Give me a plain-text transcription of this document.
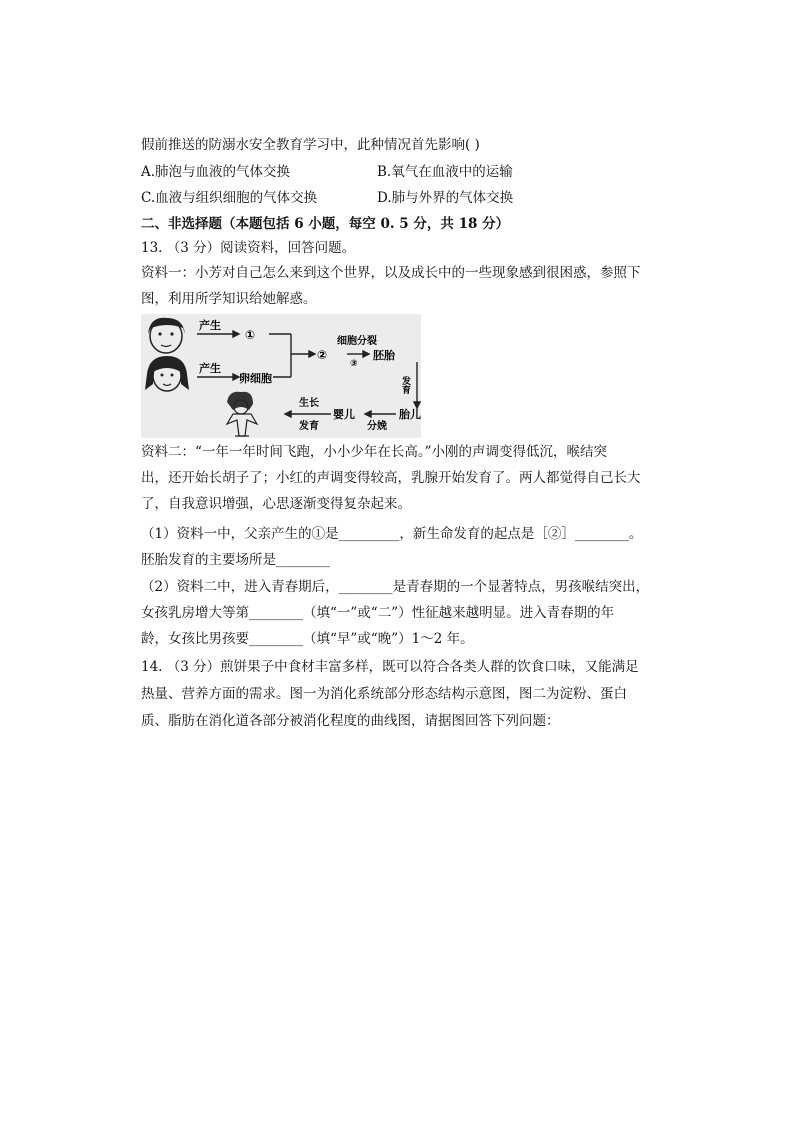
假前推送的防溺水安全教育学习中，此种情况首先影响( )
A.肺泡与血液的气体交换	B.氧气在血液中的运输
C.血液与组织细胞的气体交换	D.肺与外界的气体交换
二、非选择题（本题包括 6 小题，每空 0. 5 分，共 18 分）
13. （3 分）阅读资料，回答问题。
资料一：小芳对自己怎么来到这个世界，以及成长中的一些现象感到很困惑，参照下
图，利用所学知识给她解惑。
产生
①
产生
卵细胞
②
细胞分裂
③
胚胎
发育
胎儿
分娩
婴儿
生长
发育
资料二：“一年一年时间飞跑，小小少年在长高。”小刚的声调变得低沉，喉结突
出，还开始长胡子了；小红的声调变得较高，乳腺开始发育了。两人都觉得自己长大
了，自我意识增强，心思逐渐变得复杂起来。
（1）资料一中，父亲产生的①是_________，新生命发育的起点是［②］________。
胚胎发育的主要场所是________
（2）资料二中，进入青春期后，________是青春期的一个显著特点，男孩喉结突出，
女孩乳房增大等第________（填“一”或“二”）性征越来越明显。进入青春期的年
龄，女孩比男孩要________（填“早”或“晚”）1～2 年。
14. （3 分）煎饼果子中食材丰富多样，既可以符合各类人群的饮食口味，又能满足
热量、营养方面的需求。图一为消化系统部分形态结构示意图，图二为淀粉、蛋白
质、脂肪在消化道各部分被消化程度的曲线图，请据图回答下列问题：
